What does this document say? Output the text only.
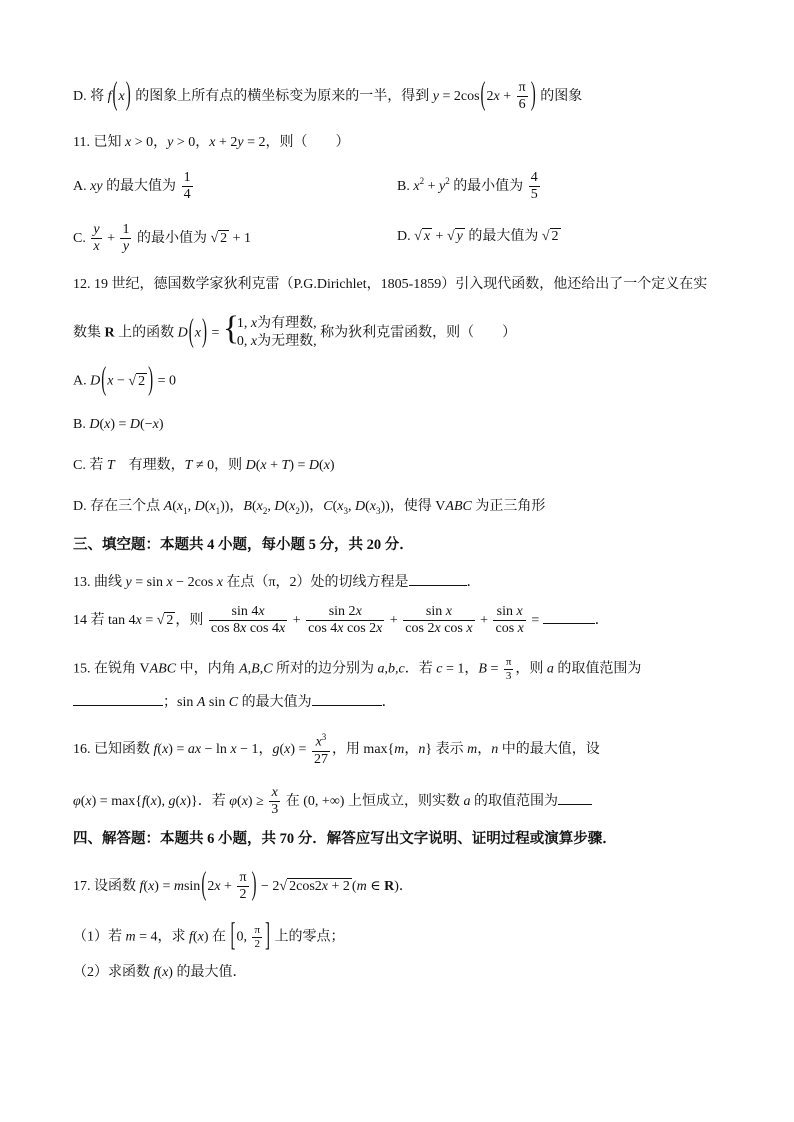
D. 将 f(x) 的图象上所有点的横坐标变为原来的一半，得到 $y = 2\cos(2x + \frac{\pi}{6}$ ) 的图象
11. 已知 x > 0，y > 0，x + 2y = 2，则（　　）
A. xy 的最大值为 $\frac{1}{4}$	B. $x^2 + y^2$ 的最小值为 $\frac{4}{5}$
C. $\frac{y}{x} + \frac{1}{y}$ 的最小值为 √ 2 + 1	D. √ x + √ y 的最大值为 √ 2
12. 19 世纪，德国数学家狄利克雷（P.G.Dirichlet，1805-1859）引入现代函数，他还给出了一个定义在实
数集 R 上的函数 D(x) = {
1, x为有理数,
0, x为无理数,
称为狄利克雷函数，则（　　）
A. D(x − √ 2 ) = 0
B. D(x) = D(−x)
C. 若 T　有理数，T ≠ 0，则 D(x + T) = D(x)
D. 存在三个点 $A(x_1$, $D(x_1)$)，$B(x_2$, $D(x_2)$)，$C(x_3$, $D(x_3)$)，使得 VABC 为正三角形
三、填空题：本题共 4 小题，每小题 5 分，共 20 分．
13. 曲线 y = sin x − 2cos x 在点（π，2）处的切线方程是	．
14 若 tan 4x = √ 2 ，则 $\frac{\sin 4x}{\text{cos 8x cos 4x}} + \frac{\sin 2x}{\text{cos 4x cos 2x}} + \frac{\text{sin x}}{\text{cos 2x cos x}} + \frac{\text{sin x}}{\text{cos x}}$ =	．
15. 在锐角 VABC 中，内角 A,B,C 所对的边分别为 a,b,c．若 c = 1，$B = \frac{\pi}{3}$ ，则 a 的取值范围为
；sin A sin C 的最大值为	．
16. 已知函数 f(x) = ax − ln x − 1，$g(x) = \frac{x^3}{27}$ ，用 max{m，n} 表示 m，n 中的最大值，设
φ(x) = max{f(x), g(x)}．若 $\varphi(x) \ge \frac{x}{3}$ 在 (0, +∞) 上恒成立，则实数 a 的取值范围为
四、解答题：本题共 6 小题，共 70 分．解答应写出文字说明、证明过程或演算步骤．
17. 设函数 $f(x) = msin(2x + \frac{\pi}{2}$ ) − 2√ 2cos2x + 2 (m ∈ R)．
（1）若 m = 4，求 f(x) 在 [0, $\frac{\pi}{2}$ ] 上的零点；
（2）求函数 f(x) 的最大值．
